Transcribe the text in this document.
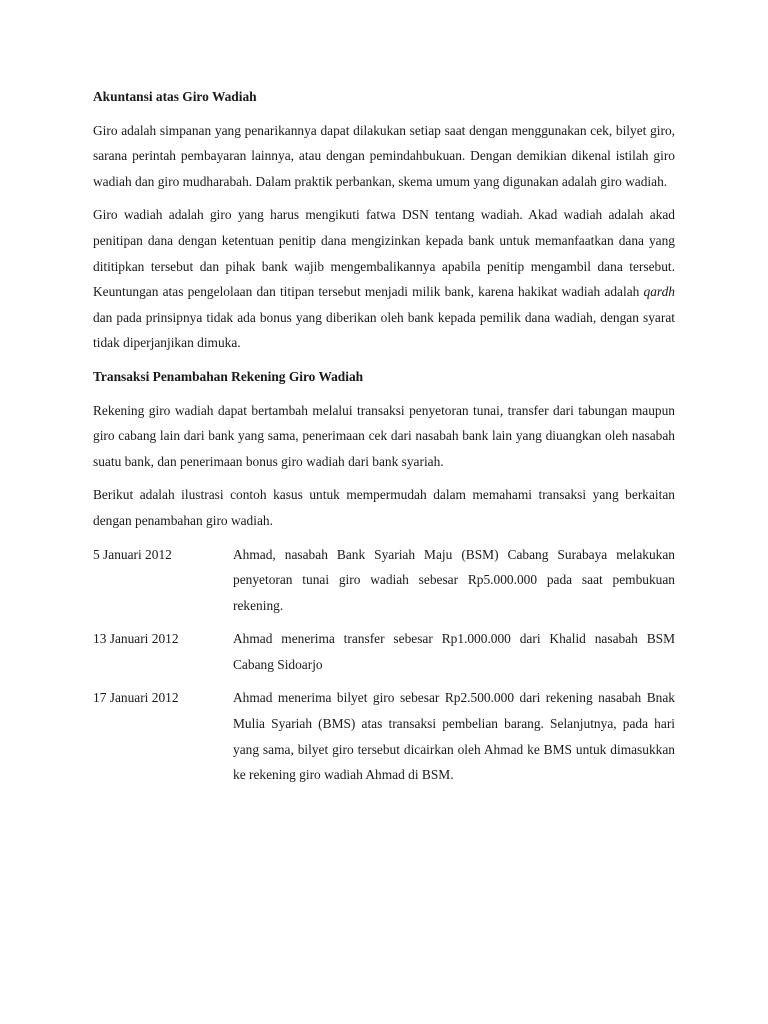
Akuntansi atas Giro Wadiah

Giro adalah simpanan yang penarikannya dapat dilakukan setiap saat dengan menggunakan cek, bilyet giro, sarana perintah pembayaran lainnya, atau dengan pemindahbukuan. Dengan demikian dikenal istilah giro wadiah dan giro mudharabah. Dalam praktik perbankan, skema umum yang digunakan adalah giro wadiah.

Giro wadiah adalah giro yang harus mengikuti fatwa DSN tentang wadiah. Akad wadiah adalah akad penitipan dana dengan ketentuan penitip dana mengizinkan kepada bank untuk memanfaatkan dana yang dititipkan tersebut dan pihak bank wajib mengembalikannya apabila penitip mengambil dana tersebut. Keuntungan atas pengelolaan dan titipan tersebut menjadi milik bank, karena hakikat wadiah adalah qardh dan pada prinsipnya tidak ada bonus yang diberikan oleh bank kepada pemilik dana wadiah, dengan syarat tidak diperjanjikan dimuka.

Transaksi Penambahan Rekening Giro Wadiah

Rekening giro wadiah dapat bertambah melalui transaksi penyetoran tunai, transfer dari tabungan maupun giro cabang lain dari bank yang sama, penerimaan cek dari nasabah bank lain yang diuangkan oleh nasabah suatu bank, dan penerimaan bonus giro wadiah dari bank syariah.

Berikut adalah ilustrasi contoh kasus untuk mempermudah dalam memahami transaksi yang berkaitan dengan penambahan giro wadiah.

5 Januari 2012	Ahmad, nasabah Bank Syariah Maju (BSM) Cabang Surabaya melakukan penyetoran tunai giro wadiah sebesar Rp5.000.000 pada saat pembukuan rekening.
13 Januari 2012	Ahmad menerima transfer sebesar Rp1.000.000 dari Khalid nasabah BSM Cabang Sidoarjo
17 Januari 2012	Ahmad menerima bilyet giro sebesar Rp2.500.000 dari rekening nasabah Bnak Mulia Syariah (BMS) atas transaksi pembelian barang. Selanjutnya, pada hari yang sama, bilyet giro tersebut dicairkan oleh Ahmad ke BMS untuk dimasukkan ke rekening giro wadiah Ahmad di BSM.
